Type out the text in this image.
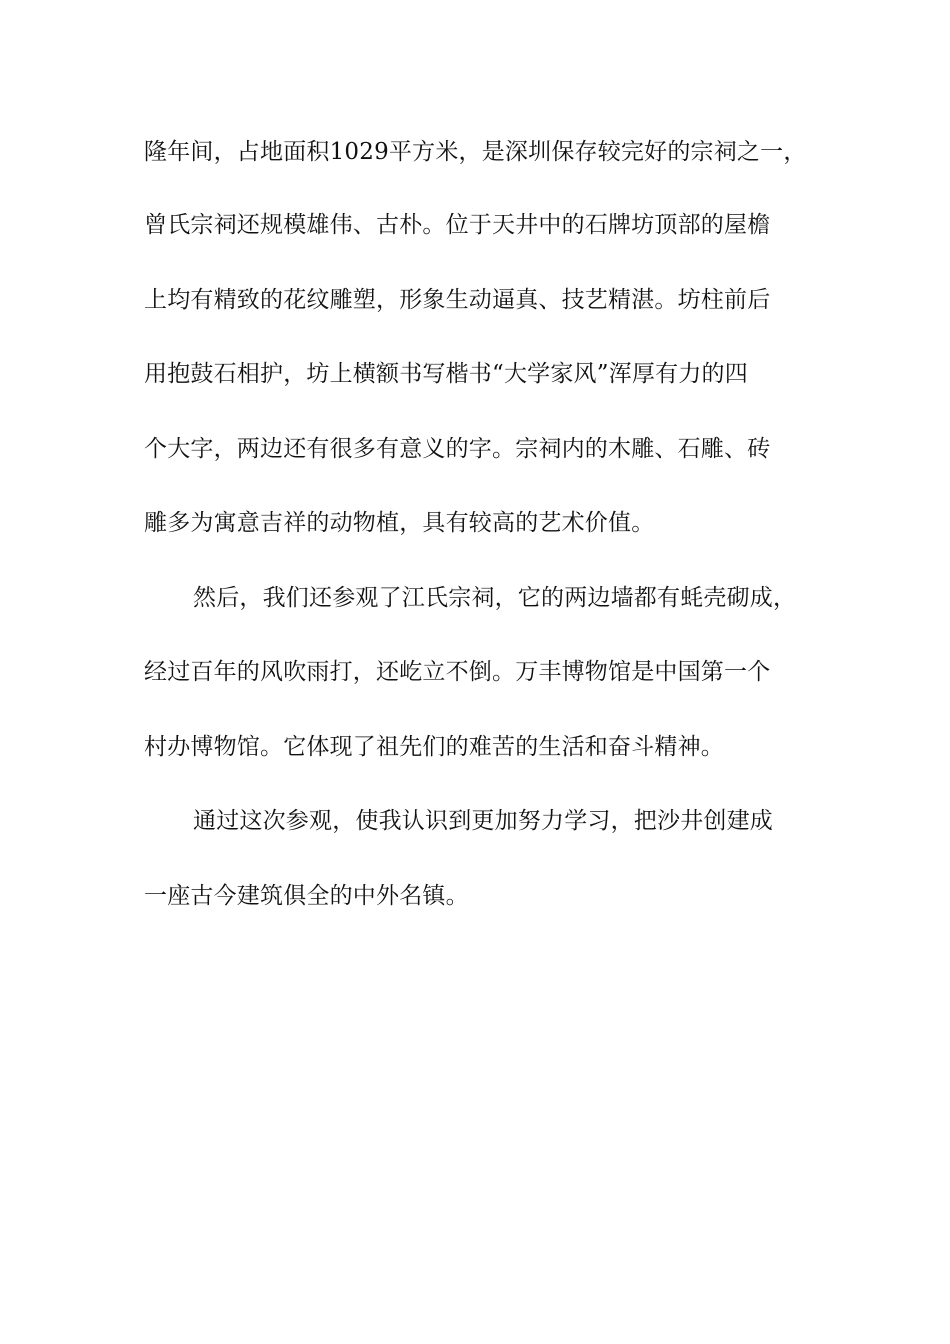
隆年间，占地面积1029平方米，是深圳保存较完好的宗祠之一，
曾氏宗祠还规模雄伟、古朴。位于天井中的石牌坊顶部的屋檐
上均有精致的花纹雕塑，形象生动逼真、技艺精湛。坊柱前后
用抱鼓石相护，坊上横额书写楷书“大学家风”浑厚有力的四
个大字，两边还有很多有意义的字。宗祠内的木雕、石雕、砖
雕多为寓意吉祥的动物植，具有较高的艺术价值。
然后，我们还参观了江氏宗祠，它的两边墙都有蚝壳砌成，
经过百年的风吹雨打，还屹立不倒。万丰博物馆是中国第一个
村办博物馆。它体现了祖先们的难苦的生活和奋斗精神。
通过这次参观，使我认识到更加努力学习，把沙井创建成
一座古今建筑俱全的中外名镇。
